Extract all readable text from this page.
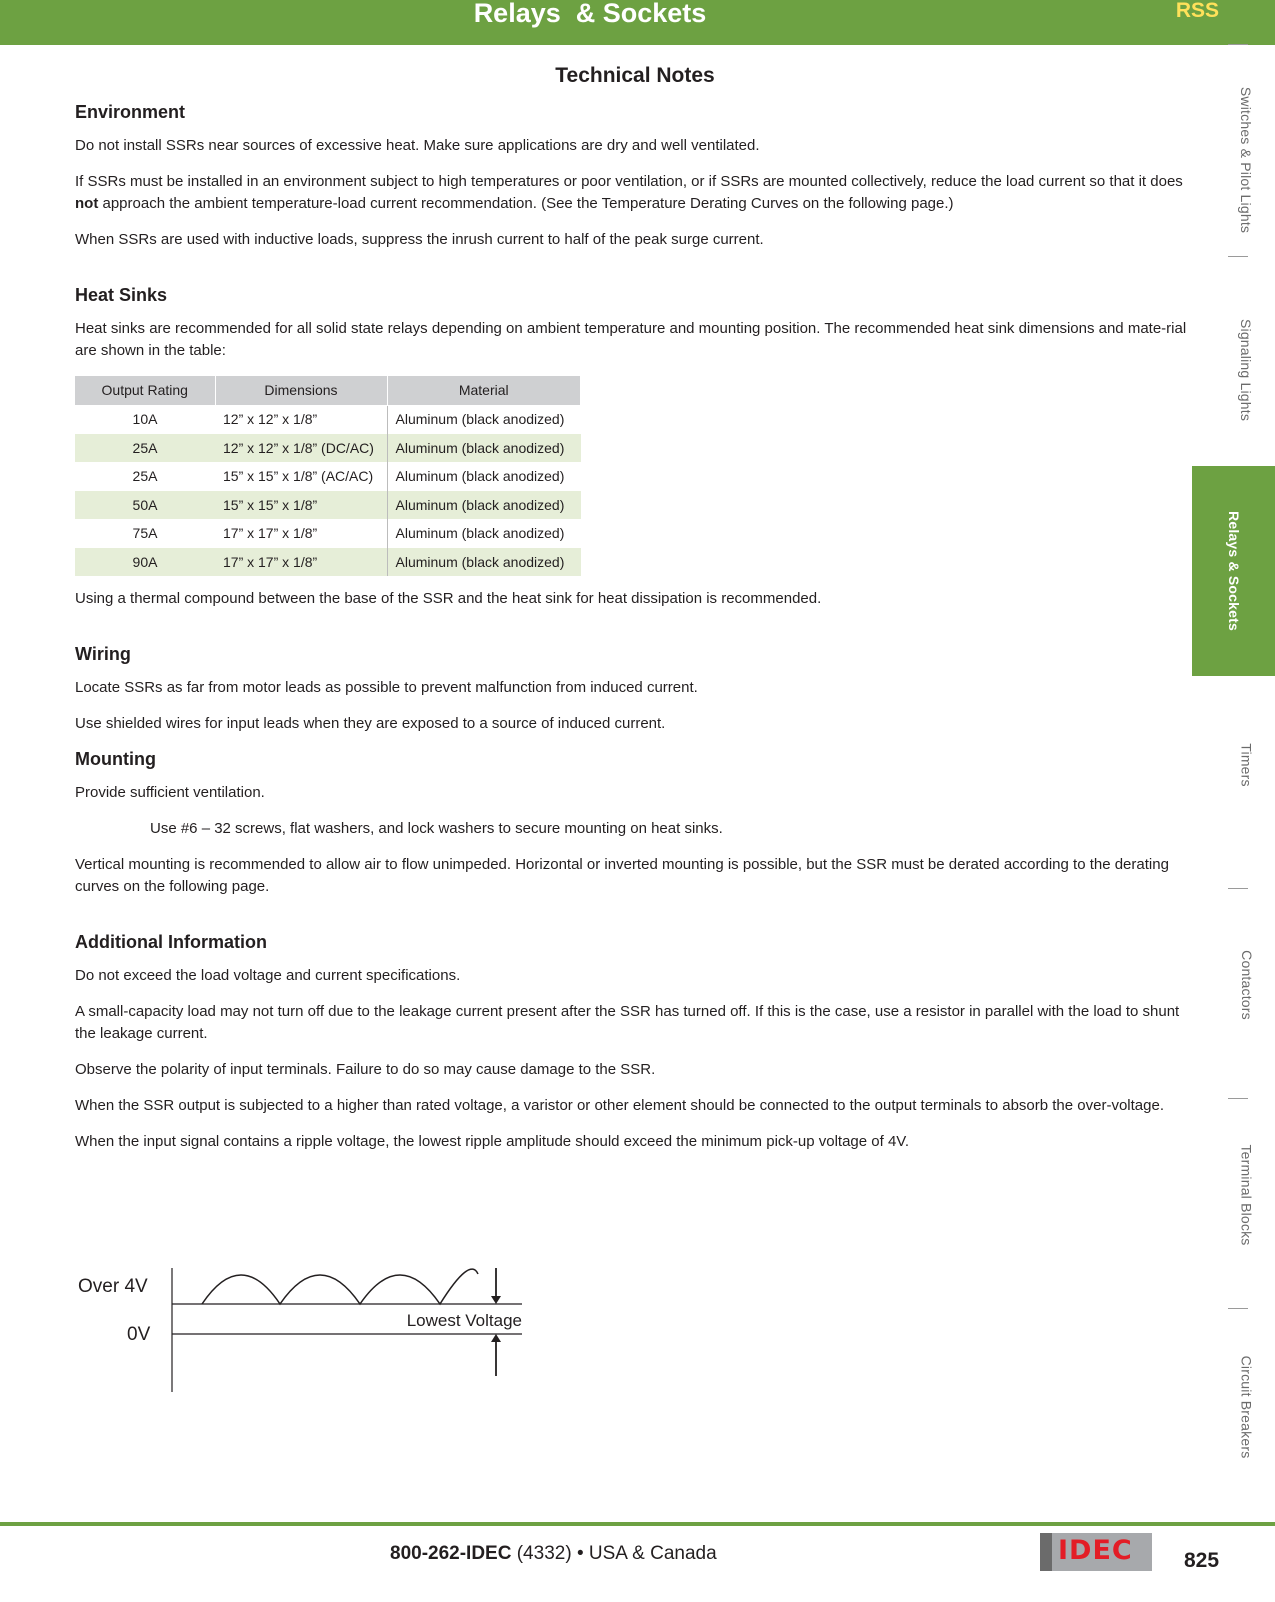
Relays  & Sockets	RSS
Switches & Pilot Lights
Signaling Lights
Relays & Sockets
Timers
Contactors
Terminal Blocks
Circuit Breakers
Technical Notes
Environment

Do not install SSRs near sources of excessive heat. Make sure applications are dry and well ventilated.

If SSRs must be installed in an environment subject to high temperatures or poor ventilation, or if SSRs are mounted collectively, reduce the load current so that it does not approach the ambient temperature-load current recommendation. (See the Temperature Derating Curves on the following page.)

When SSRs are used with inductive loads, suppress the inrush current to half of the peak surge current.

Heat Sinks

Heat sinks are recommended for all solid state relays depending on ambient temperature and mounting position. The recommended heat sink dimensions and mate-rial are shown in the table:

Output Rating	Dimensions	Material
10A	12” x 12” x 1/8”	Aluminum (black anodized)
25A	12” x 12” x 1/8” (DC/AC)	Aluminum (black anodized)
25A	15” x 15” x 1/8” (AC/AC)	Aluminum (black anodized)
50A	15” x 15” x 1/8”	Aluminum (black anodized)
75A	17” x 17” x 1/8”	Aluminum (black anodized)
90A	17” x 17” x 1/8”	Aluminum (black anodized)

Using a thermal compound between the base of the SSR and the heat sink for heat dissipation is recommended.

Wiring

Locate SSRs as far from motor leads as possible to prevent malfunction from induced current.

Use shielded wires for input leads when they are exposed to a source of induced current.

Mounting

Provide sufficient ventilation.

Use #6 – 32 screws, flat washers, and lock washers to secure mounting on heat sinks.

Vertical mounting is recommended to allow air to flow unimpeded. Horizontal or inverted mounting is possible, but the SSR must be derated according to the derating curves on the following page.

Additional Information

Do not exceed the load voltage and current specifications.

A small-capacity load may not turn off due to the leakage current present after the SSR has turned off. If this is the case, use a resistor in parallel with the load to shunt the leakage current.

Observe the polarity of input terminals. Failure to do so may cause damage to the SSR.

When the SSR output is subjected to a higher than rated voltage, a varistor or other element should be connected to the output terminals to absorb the over-voltage.

When the input signal contains a ripple voltage, the lowest ripple amplitude should exceed the minimum pick-up voltage of 4V.

Over 4V
0V
Lowest Voltage
800-262-IDEC (4332) • USA & Canada	IDEC 825
